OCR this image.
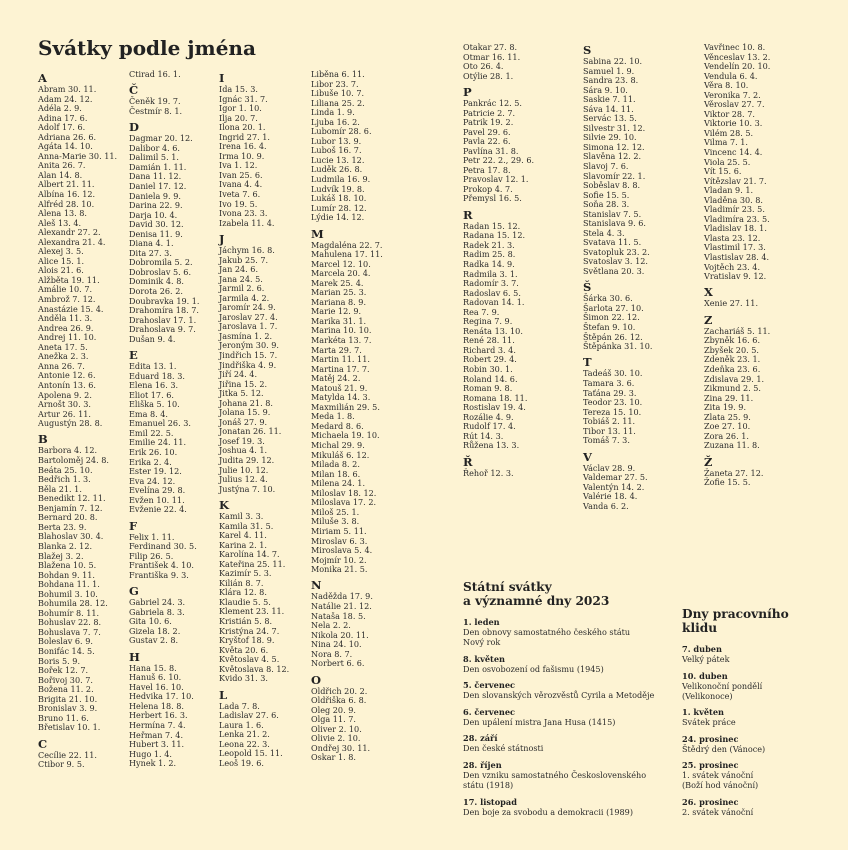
Svátky podle jména
A
Abram 30. 11.
Adam 24. 12.
Adéla 2. 9.
Adina 17. 6.
Adolf 17. 6.
Adriana 26. 6.
Agáta 14. 10.
Anna-Marie 30. 11.
Anita 26. 7.
Alan 14. 8.
Albert 21. 11.
Albína 16. 12.
Alfréd 28. 10.
Alena 13. 8.
Aleš 13. 4.
Alexandr 27. 2.
Alexandra 21. 4.
Alexej 3. 5.
Alice 15. 1.
Alois 21. 6.
Alžběta 19. 11.
Amálie 10. 7.
Ambrož 7. 12.
Anastázie 15. 4.
Anděla 11. 3.
Andrea 26. 9.
Andrej 11. 10.
Aneta 17. 5.
Anežka 2. 3.
Anna 26. 7.
Antonie 12. 6.
Antonín 13. 6.
Apolena 9. 2.
Arnošt 30. 3.
Artur 26. 11.
Augustýn 28. 8.
B
Barbora 4. 12.
Bartoloměj 24. 8.
Beáta 25. 10.
Bedřich 1. 3.
Běla 21. 1.
Benedikt 12. 11.
Benjamín 7. 12.
Bernard 20. 8.
Berta 23. 9.
Blahoslav 30. 4.
Blanka 2. 12.
Blažej 3. 2.
Blažena 10. 5.
Bohdan 9. 11.
Bohdana 11. 1.
Bohumil 3. 10.
Bohumila 28. 12.
Bohumír 8. 11.
Bohuslav 22. 8.
Bohuslava 7. 7.
Boleslav 6. 9.
Bonifác 14. 5.
Boris 5. 9.
Bořek 12. 7.
Bořivoj 30. 7.
Božena 11. 2.
Brigita 21. 10.
Bronislav 3. 9.
Bruno 11. 6.
Břetislav 10. 1.
C
Cecílie 22. 11.
Ctibor 9. 5.
Ctirad 16. 1.
Č
Čeněk 19. 7.
Čestmír 8. 1.
D
Dagmar 20. 12.
Dalibor 4. 6.
Dalimil 5. 1.
Damián 1. 11.
Dana 11. 12.
Daniel 17. 12.
Daniela 9. 9.
Darina 22. 9.
Darja 10. 4.
David 30. 12.
Denisa 11. 9.
Diana 4. 1.
Dita 27. 3.
Dobromila 5. 2.
Dobroslav 5. 6.
Dominik 4. 8.
Dorota 26. 2.
Doubravka 19. 1.
Drahomíra 18. 7.
Drahoslav 17. 1.
Drahoslava 9. 7.
Dušan 9. 4.
E
Edita 13. 1.
Eduard 18. 3.
Elena 16. 3.
Eliot 17. 6.
Eliška 5. 10.
Ema 8. 4.
Emanuel 26. 3.
Emil 22. 5.
Emilie 24. 11.
Erik 26. 10.
Erika 2. 4.
Ester 19. 12.
Eva 24. 12.
Evelína 29. 8.
Evžen 10. 11.
Evženie 22. 4.
F
Felix 1. 11.
Ferdinand 30. 5.
Filip 26. 5.
František 4. 10.
Františka 9. 3.
G
Gabriel 24. 3.
Gabriela 8. 3.
Gita 10. 6.
Gizela 18. 2.
Gustav 2. 8.
H
Hana 15. 8.
Hanuš 6. 10.
Havel 16. 10.
Hedvika 17. 10.
Helena 18. 8.
Herbert 16. 3.
Hermína 7. 4.
Heřman 7. 4.
Hubert 3. 11.
Hugo 1. 4.
Hynek 1. 2.
I
Ida 15. 3.
Ignác 31. 7.
Igor 1. 10.
Ilja 20. 7.
Ilona 20. 1.
Ingrid 27. 1.
Irena 16. 4.
Irma 10. 9.
Iva 1. 12.
Ivan 25. 6.
Ivana 4. 4.
Iveta 7. 6.
Ivo 19. 5.
Ivona 23. 3.
Izabela 11. 4.
J
Jáchym 16. 8.
Jakub 25. 7.
Jan 24. 6.
Jana 24. 5.
Jarmil 2. 6.
Jarmila 4. 2.
Jaromír 24. 9.
Jaroslav 27. 4.
Jaroslava 1. 7.
Jasmína 1. 2.
Jeroným 30. 9.
Jindřich 15. 7.
Jindřiška 4. 9.
Jiří 24. 4.
Jiřina 15. 2.
Jitka 5. 12.
Johana 21. 8.
Jolana 15. 9.
Jonáš 27. 9.
Jonatan 26. 11.
Josef 19. 3.
Joshua 4. 1.
Judita 29. 12.
Julie 10. 12.
Julius 12. 4.
Justýna 7. 10.
K
Kamil 3. 3.
Kamila 31. 5.
Karel 4. 11.
Karina 2. 1.
Karolína 14. 7.
Kateřina 25. 11.
Kazimír 5. 3.
Kilián 8. 7.
Klára 12. 8.
Klaudie 5. 5.
Klement 23. 11.
Kristián 5. 8.
Kristýna 24. 7.
Kryštof 18. 9.
Květa 20. 6.
Květoslav 4. 5.
Květoslava 8. 12.
Kvido 31. 3.
L
Lada 7. 8.
Ladislav 27. 6.
Laura 1. 6.
Lenka 21. 2.
Leona 22. 3.
Leopold 15. 11.
Leoš 19. 6.
Liběna 6. 11.
Libor 23. 7.
Libuše 10. 7.
Liliana 25. 2.
Linda 1. 9.
Ljuba 16. 2.
Lubomír 28. 6.
Lubor 13. 9.
Luboš 16. 7.
Lucie 13. 12.
Luděk 26. 8.
Ludmila 16. 9.
Ludvík 19. 8.
Lukáš 18. 10.
Lumír 28. 12.
Lýdie 14. 12.
M
Magdaléna 22. 7.
Mahulena 17. 11.
Marcel 12. 10.
Marcela 20. 4.
Marek 25. 4.
Marian 25. 3.
Mariana 8. 9.
Marie 12. 9.
Marika 31. 1.
Marina 10. 10.
Markéta 13. 7.
Marta 29. 7.
Martin 11. 11.
Martina 17. 7.
Matěj 24. 2.
Matouš 21. 9.
Matylda 14. 3.
Maxmilián 29. 5.
Meda 1. 8.
Medard 8. 6.
Michaela 19. 10.
Michal 29. 9.
Mikuláš 6. 12.
Milada 8. 2.
Milan 18. 6.
Milena 24. 1.
Miloslav 18. 12.
Miloslava 17. 2.
Miloš 25. 1.
Miluše 3. 8.
Miriam 5. 11.
Miroslav 6. 3.
Miroslava 5. 4.
Mojmír 10. 2.
Monika 21. 5.
N
Naděžda 17. 9.
Natálie 21. 12.
Nataša 18. 5.
Nela 2. 2.
Nikola 20. 11.
Nina 24. 10.
Nora 8. 7.
Norbert 6. 6.
O
Oldřich 20. 2.
Oldřiška 6. 8.
Oleg 20. 9.
Olga 11. 7.
Oliver 2. 10.
Olivie 2. 10.
Ondřej 30. 11.
Oskar 1. 8.
Otakar 27. 8.
Otmar 16. 11.
Oto 26. 4.
Otýlie 28. 1.
P
Pankrác 12. 5.
Patricie 2. 7.
Patrik 19. 2.
Pavel 29. 6.
Pavla 22. 6.
Pavlína 31. 8.
Petr 22. 2., 29. 6.
Petra 17. 8.
Pravoslav 12. 1.
Prokop 4. 7.
Přemysl 16. 5.
R
Radan 15. 12.
Radana 15. 12.
Radek 21. 3.
Radim 25. 8.
Radka 14. 9.
Radmila 3. 1.
Radomír 3. 7.
Radoslav 6. 5.
Radovan 14. 1.
Rea 7. 9.
Regina 7. 9.
Renáta 13. 10.
René 28. 11.
Richard 3. 4.
Robert 29. 4.
Robin 30. 1.
Roland 14. 6.
Roman 9. 8.
Romana 18. 11.
Rostislav 19. 4.
Rozálie 4. 9.
Rudolf 17. 4.
Rút 14. 3.
Růžena 13. 3.
Ř
Řehoř 12. 3.
S
Sabina 22. 10.
Samuel 1. 9.
Sandra 23. 8.
Sára 9. 10.
Saskie 7. 11.
Sáva 14. 11.
Servác 13. 5.
Silvestr 31. 12.
Silvie 29. 10.
Simona 12. 12.
Slavěna 12. 2.
Slavoj 7. 6.
Slavomír 22. 1.
Soběslav 8. 8.
Sofie 15. 5.
Soňa 28. 3.
Stanislav 7. 5.
Stanislava 9. 6.
Stela 4. 3.
Svatava 11. 5.
Svatopluk 23. 2.
Svatoslav 3. 12.
Světlana 20. 3.
Š
Šárka 30. 6.
Šarlota 27. 10.
Šimon 22. 12.
Štefan 9. 10.
Štěpán 26. 12.
Štěpánka 31. 10.
T
Tadeáš 30. 10.
Tamara 3. 6.
Taťána 29. 3.
Teodor 23. 10.
Tereza 15. 10.
Tobiáš 2. 11.
Tibor 13. 11.
Tomáš 7. 3.
V
Václav 28. 9.
Valdemar 27. 5.
Valentýn 14. 2.
Valérie 18. 4.
Vanda 6. 2.
Vavřinec 10. 8.
Věnceslav 13. 2.
Vendelín 20. 10.
Vendula 6. 4.
Věra 8. 10.
Veronika 7. 2.
Věroslav 27. 7.
Viktor 28. 7.
Viktorie 10. 3.
Vilém 28. 5.
Vilma 7. 1.
Vincenc 14. 4.
Viola 25. 5.
Vít 15. 6.
Vítězslav 21. 7.
Vladan 9. 1.
Vladěna 30. 8.
Vladimír 23. 5.
Vladimíra 23. 5.
Vladislav 18. 1.
Vlasta 23. 12.
Vlastimil 17. 3.
Vlastislav 28. 4.
Vojtěch 23. 4.
Vratislav 9. 12.
X
Xenie 27. 11.
Z
Zachariáš 5. 11.
Zbyněk 16. 6.
Zbyšek 20. 5.
Zdeněk 23. 1.
Zdeňka 23. 6.
Zdislava 29. 1.
Zikmund 2. 5.
Zina 29. 11.
Zita 19. 9.
Zlata 25. 9.
Zoe 27. 10.
Zora 26. 1.
Zuzana 11. 8.
Ž
Žaneta 27. 12.
Žofie 15. 5.
Státní svátky
a významné dny 2023
1. leden
Den obnovy samostatného českého státu
Nový rok
8. květen
Den osvobození od fašismu (1945)
5. červenec
Den slovanských věrozvěstů Cyrila a Metoděje
6. červenec
Den upálení mistra Jana Husa (1415)
28. září
Den české státnosti
28. říjen
Den vzniku samostatného Československého
státu (1918)
17. listopad
Den boje za svobodu a demokracii (1989)
Dny pracovního
klidu
7. duben
Velký pátek
10. duben
Velikonoční pondělí
(Velikonoce)
1. květen
Svátek práce
24. prosinec
Štědrý den (Vánoce)
25. prosinec
1. svátek vánoční
(Boží hod vánoční)
26. prosinec
2. svátek vánoční
